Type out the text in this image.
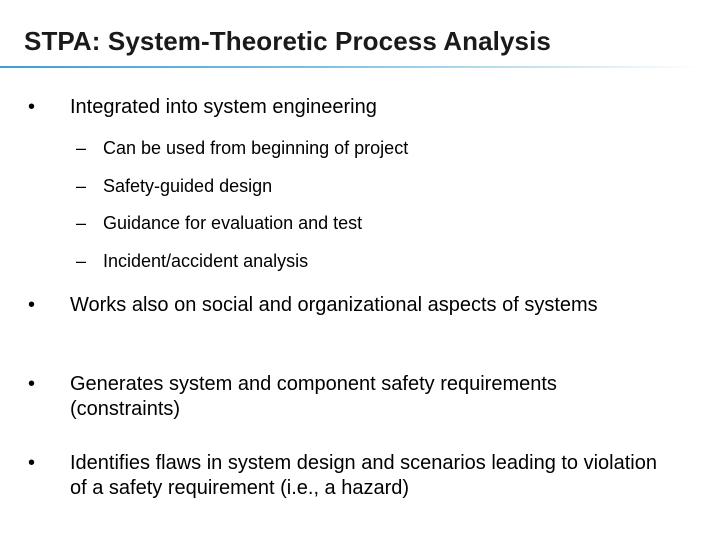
STPA: System-Theoretic Process Analysis
•	Integrated into system engineering
– Can be used from beginning of project
– Safety-guided design
– Guidance for evaluation and test
– Incident/accident analysis
•	Works also on social and organizational aspects of systems
•	Generates system and component safety requirements (constraints)
•	Identifies flaws in system design and scenarios leading to violation of a safety requirement (i.e., a hazard)
